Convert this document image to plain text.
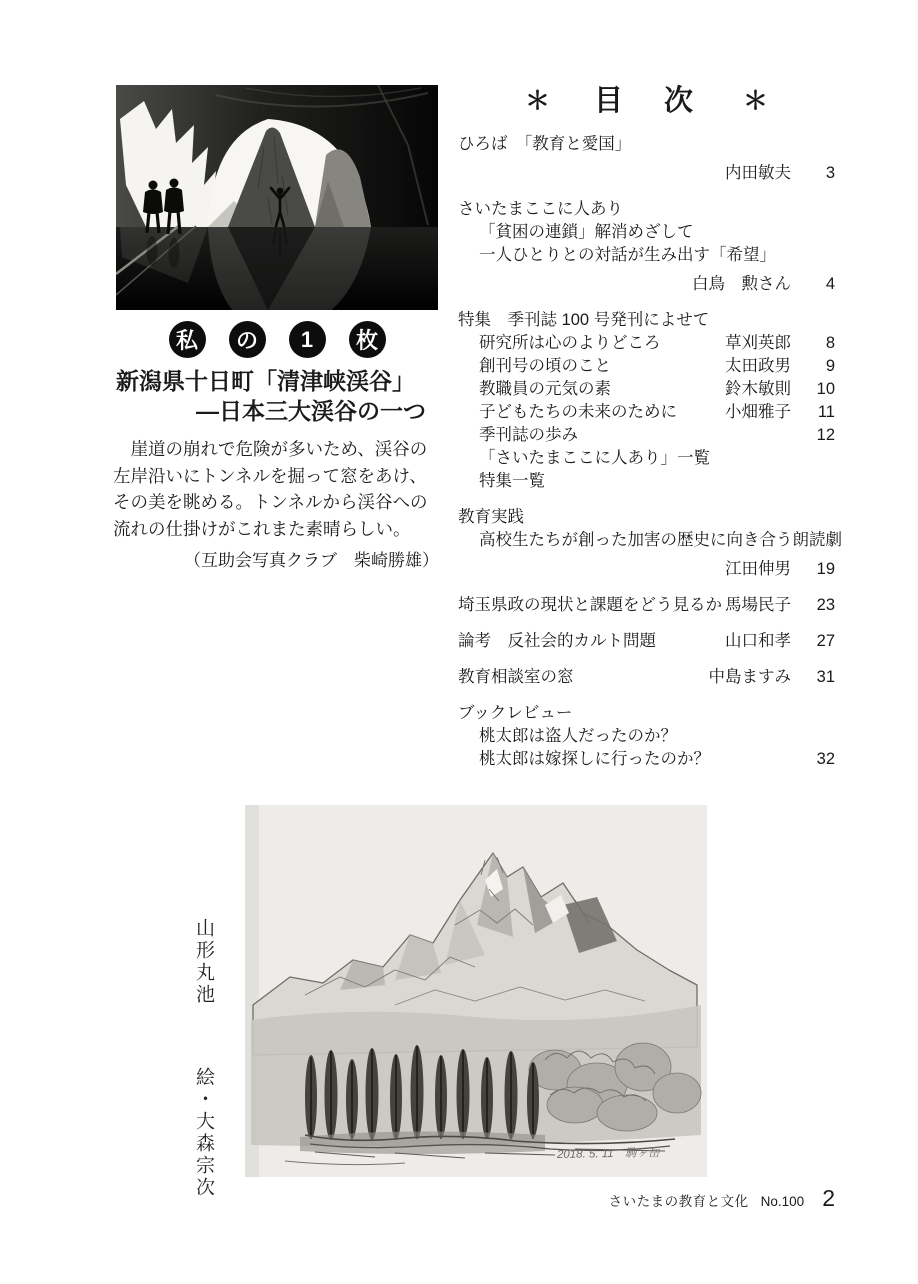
私	の	1	枚
新潟県十日町「清津峡渓谷」
―日本三大渓谷の一つ
　崖道の崩れで危険が多いため、渓谷の
左岸沿いにトンネルを掘って窓をあけ、
その美を眺める。トンネルから渓谷への
流れの仕掛けがこれまた素晴らしい。
（互助会写真クラブ　柴崎勝雄）
＊ 目　次 ＊
ひろば　「教育と愛国」
内田敏夫	3
さいたまここに人あり
「貧困の連鎖」解消めざして
一人ひとりとの対話が生み出す「希望」
白鳥　勲さん	4
特集　季刊誌 100 号発刊によせて
研究所は心のよりどころ	草刈英郎	8
創刊号の頃のこと	太田政男	9
教職員の元気の素	鈴木敏則	10
子どもたちの未来のために	小畑雅子	11
季刊誌の歩み	12
「さいたまここに人あり」一覧
特集一覧
教育実践
高校生たちが創った加害の歴史に向き合う朗読劇
江田伸男	19
埼玉県政の現状と課題をどう見るか 馬場民子	23
論考　反社会的カルト問題	山口和孝	27
教育相談室の窓	中島ますみ	31
ブックレビュー
桃太郎は盗人だったのか？
桃太郎は嫁探しに行ったのか？	32
山形丸池  絵・大森宗次	2018. 5. 11　駒ヶ岳
さいたまの教育と文化 No.100 2
